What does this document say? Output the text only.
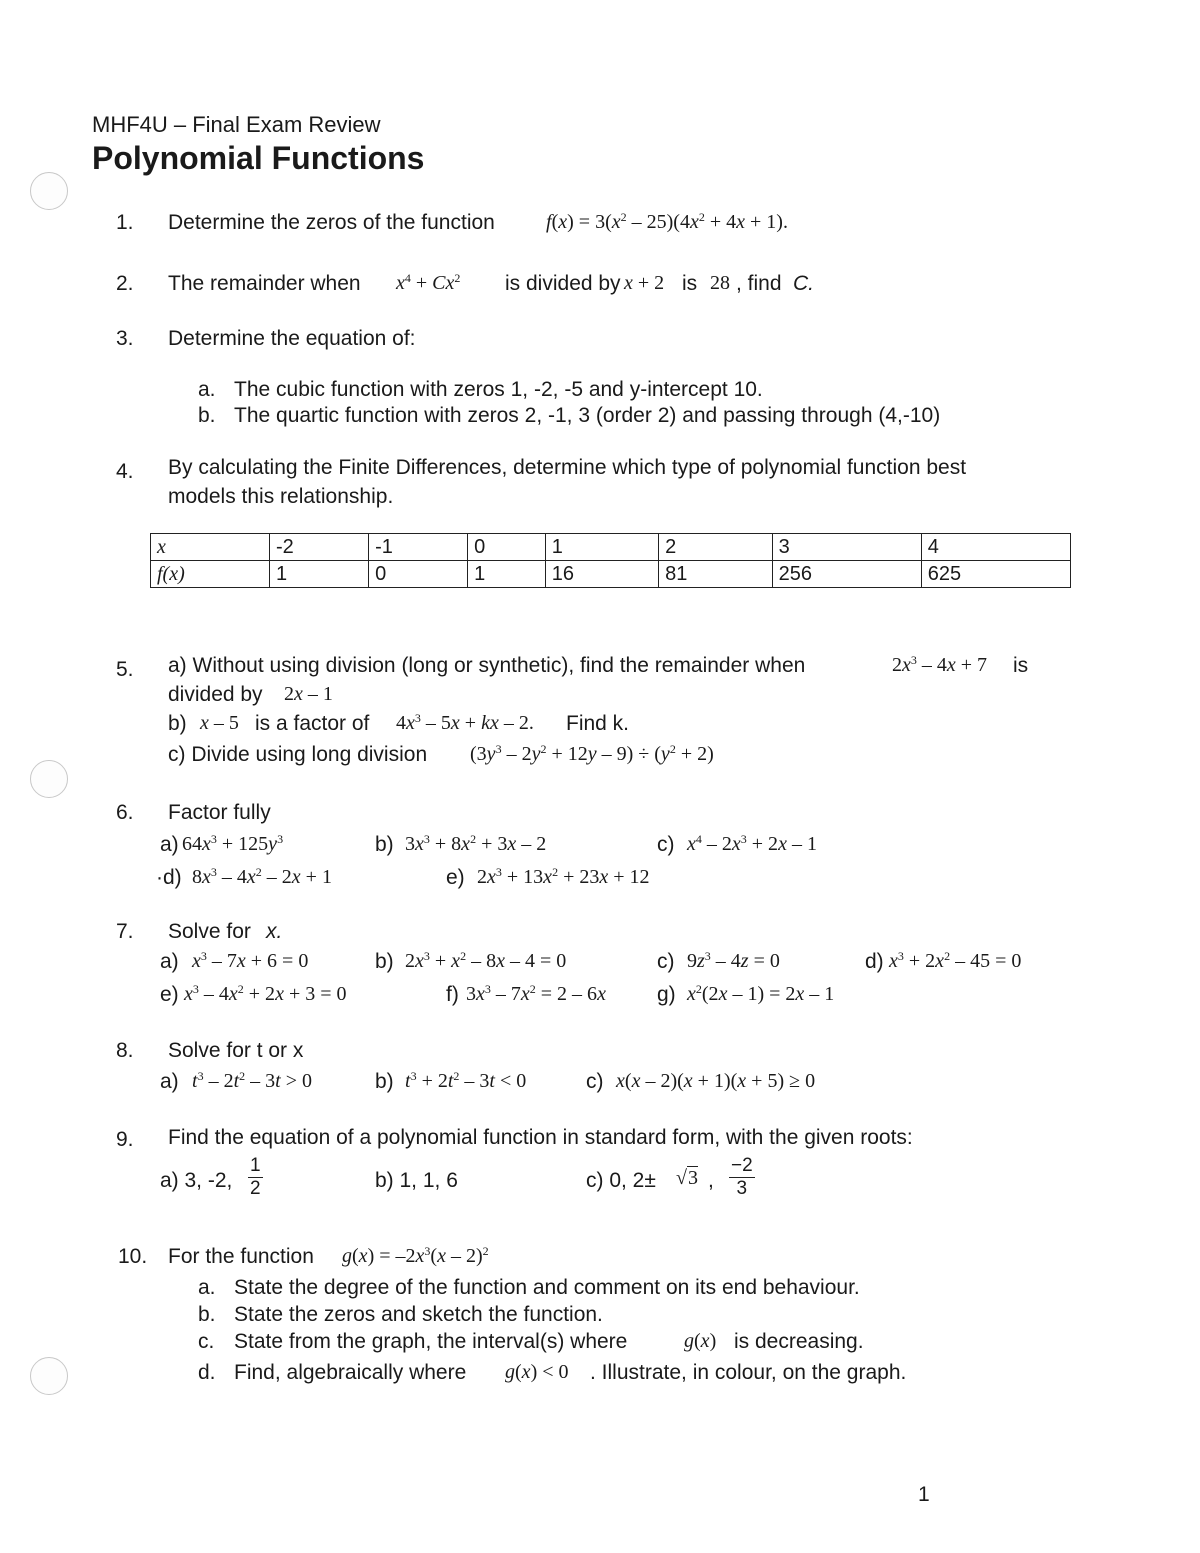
MHF4U – Final Exam Review
Polynomial Functions
1. Determine the zeros of the function	$f(x) = 3(x^2 - 25)(4x^2 + 4x + 1)$.
2. The remainder when $x^4 + Cx^2$ is divided by x + 2 is 28 , find C.
3. Determine the equation of:
a. The cubic function with zeros 1, -2, -5 and y-intercept 10.
b. The quartic function with zeros 2, -1, 3 (order 2) and passing through (4,-10)
4. By calculating the Finite Differences, determine which type of polynomial function best
models this relationship.
x	-2	-1	0	1	2	3	4
f(x)	1	0	1	16	81	256	625
5. a) Without using division (long or synthetic), find the remainder when	$2x^3 - 4x + 7$ is
divided by 2x – 1
b) x – 5 is a factor of $4x^3 - 5x$ + kx – 2. Find k.
c) Divide using long division $(3y^3 - 2y^2 + 12y - 9) \div (y^2 + 2)$
6. Factor fully
a) $64x^3 + 125y^3$	b) $3x^3 + 8x^2 + 3x - 2$	c) $x^4 - 2x^3 + 2x - 1$
·d) $8x^3 - 4x^2 - 2x + 1$	e) $2x^3 + 13x^2 + 23x + 12$
7. Solve for x.
a) $x^3 - 7x + 6 = 0$	b) $2x^3 + x^2 - 8x - 4 = 0$	c) $9z^3 - 4z = 0$	d) $x^3 + 2x^2 - 45 = 0$
e) $x^3 - 4x^2 + 2x + 3 = 0$	f) $3x^3 - 7x^2 = 2 - 6x$ g) $x^2(2x - 1) = 2x - 1$
8. Solve for t or x
a) $t^3 - 2t^2 - 3t > 0$	b) $t^3 + 2t^2 - 3t < 0$	c) x(x – 2)(x + 1)(x + 5) ≥ 0
9. Find the equation of a polynomial function in standard form, with the given roots:
a) 3, -2, $\frac{1}{2}$	b) 1, 1, 6	c) 0, 2± √3 , $\frac{-2}{3}$
10. For the function $g(x) = -2x^3(x - 2)^2$
a. State the degree of the function and comment on its end behaviour.
b. State the zeros and sketch the function.
c. State from the graph, the interval(s) where	g(x) is decreasing.
d. Find, algebraically where g(x) < 0 . Illustrate, in colour, on the graph.
1
